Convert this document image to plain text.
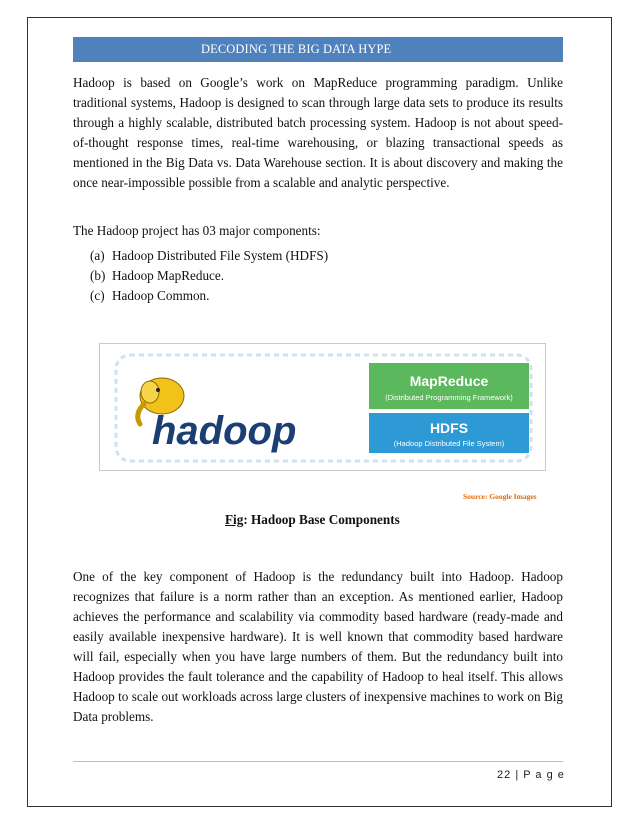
DECODING THE BIG DATA HYPE

Hadoop is based on Google’s work on MapReduce programming paradigm. Unlike traditional systems, Hadoop is designed to scan through large data sets to produce its results through a highly scalable, distributed batch processing system. Hadoop is not about speed-of-thought response times, real-time warehousing, or blazing transactional speeds as mentioned in the Big Data vs. Data Warehouse section. It is about discovery and making the once near-impossible possible from a scalable and analytic perspective.

The Hadoop project has 03 major components:

(a) Hadoop Distributed File System (HDFS)
(b) Hadoop MapReduce.
(c) Hadoop Common.
hadoop
MapReduce
(Distributed Programming Framework)
HDFS
(Hadoop Distributed File System)
Source: Google Images

Fig: Hadoop Base Components

One of the key component of Hadoop is the redundancy built into Hadoop. Hadoop recognizes that failure is a norm rather than an exception. As mentioned earlier, Hadoop achieves the performance and scalability via commodity based hardware (ready-made and easily available inexpensive hardware). It is well known that commodity based hardware will fail, especially when you have large numbers of them. But the redundancy built into Hadoop provides the fault tolerance and the capability of Hadoop to heal itself. This allows Hadoop to scale out workloads across large clusters of inexpensive machines to work on Big Data problems.

22 | P a g e
